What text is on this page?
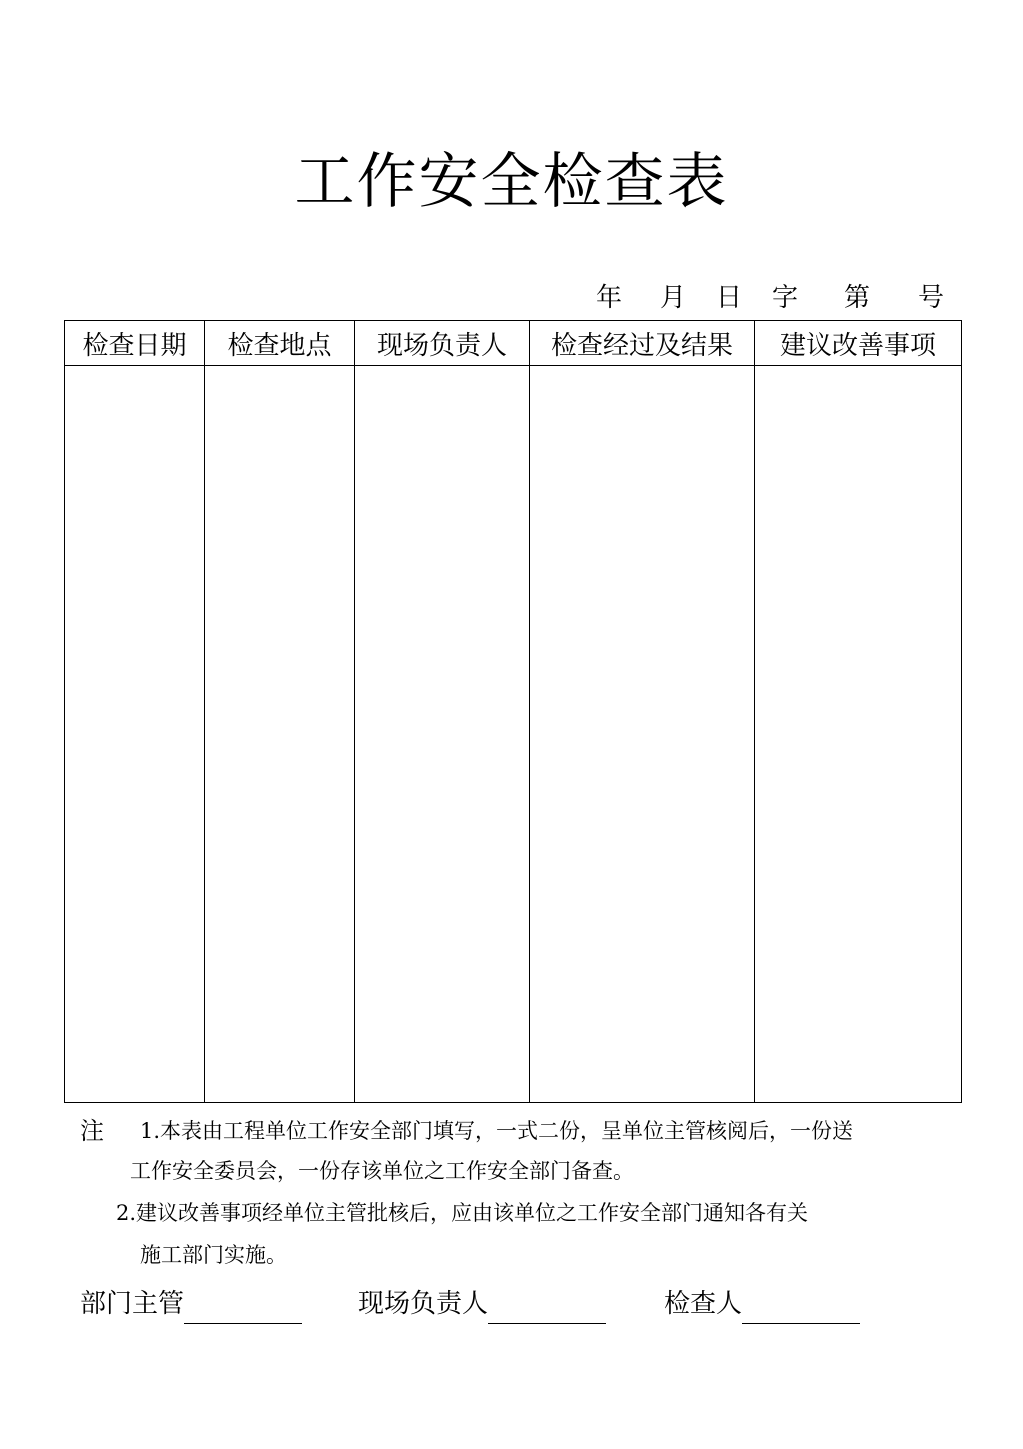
工作安全检查表
年 月 日 字 第 号
检查日期	检查地点	现场负责人	检查经过及结果	建议改善事项

注 1.本表由工程单位工作安全部门填写，一式二份，呈单位主管核阅后，一份送
工作安全委员会，一份存该单位之工作安全部门备查。
2.建议改善事项经单位主管批核后，应由该单位之工作安全部门通知各有关
施工部门实施。
部门主管	现场负责人	检查人
